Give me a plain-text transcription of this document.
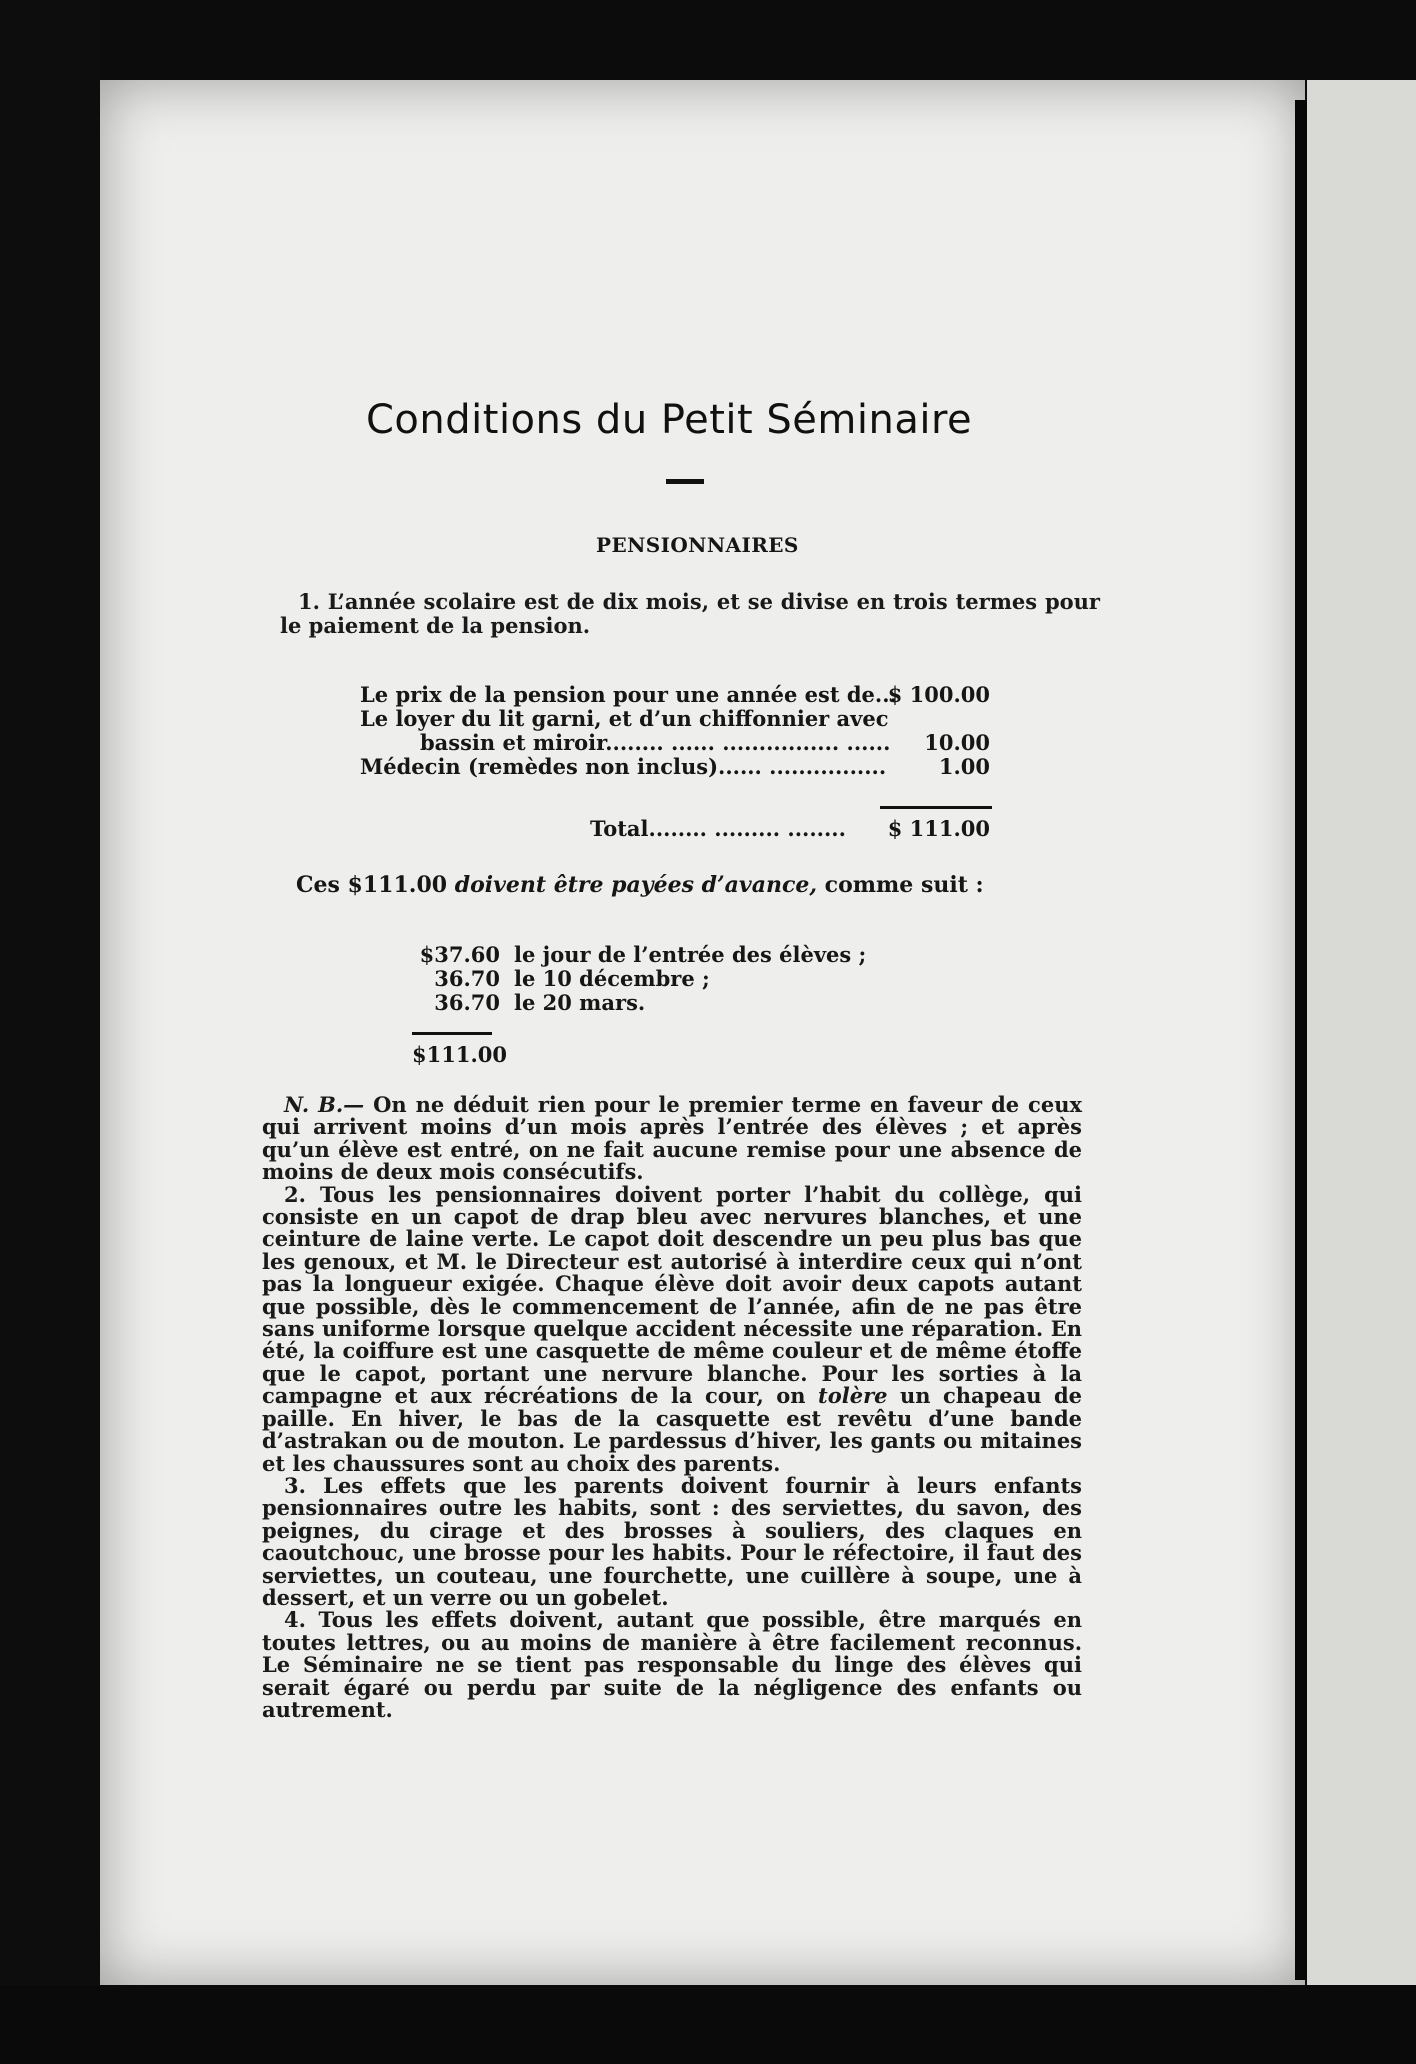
Conditions du Petit Séminaire
PENSIONNAIRES

1. L’année scolaire est de dix mois, et se divise en trois termes pour le paiement de la pension.

Le prix de la pension pour une année est de...
$ 100.00
Le loyer du lit garni, et d’un chiffonnier avec
bassin et miroir........ ...... ................ ...... 10.00
Médecin (remèdes non inclus)...... ................	1.00
Total........ ......... ........ $ 111.00
Ces $111.00 doivent être payées d’avance, comme suit :
$37.60 le jour de l’entrée des élèves ;
36.70 le 10 décembre ;
36.70 le 20 mars.
$111.00

N. B.— On ne déduit rien pour le premier terme en faveur de ceux qui arrivent moins d’un mois après l’entrée des élèves ; et après qu’un élève est entré, on ne fait aucune remise pour une absence de moins de deux mois consécutifs.

2. Tous les pensionnaires doivent porter l’habit du collège, qui consiste en un capot de drap bleu avec nervures blanches, et une ceinture de laine verte. Le capot doit descendre un peu plus bas que les genoux, et M. le Directeur est autorisé à interdire ceux qui n’ont pas la longueur exigée. Chaque élève doit avoir deux capots autant que possible, dès le commencement de l’année, afin de ne pas être sans uniforme lorsque quelque accident nécessite une réparation. En été, la coiffure est une casquette de même couleur et de même étoffe que le capot, portant une nervure blanche. Pour les sorties à la campagne et aux récréations de la cour, on tolère un chapeau de paille. En hiver, le bas de la casquette est revêtu d’une bande d’astrakan ou de mouton. Le pardessus d’hiver, les gants ou mitaines et les chaussures sont au choix des parents.

3. Les effets que les parents doivent fournir à leurs enfants pensionnaires outre les habits, sont : des serviettes, du savon, des peignes, du cirage et des brosses à souliers, des claques en caoutchouc, une brosse pour les habits. Pour le réfectoire, il faut des serviettes, un couteau, une fourchette, une cuillère à soupe, une à dessert, et un verre ou un gobelet.

4. Tous les effets doivent, autant que possible, être marqués en toutes lettres, ou au moins de manière à être facilement reconnus. Le Séminaire ne se tient pas responsable du linge des élèves qui serait égaré ou perdu par suite de la négligence des enfants ou autrement.
